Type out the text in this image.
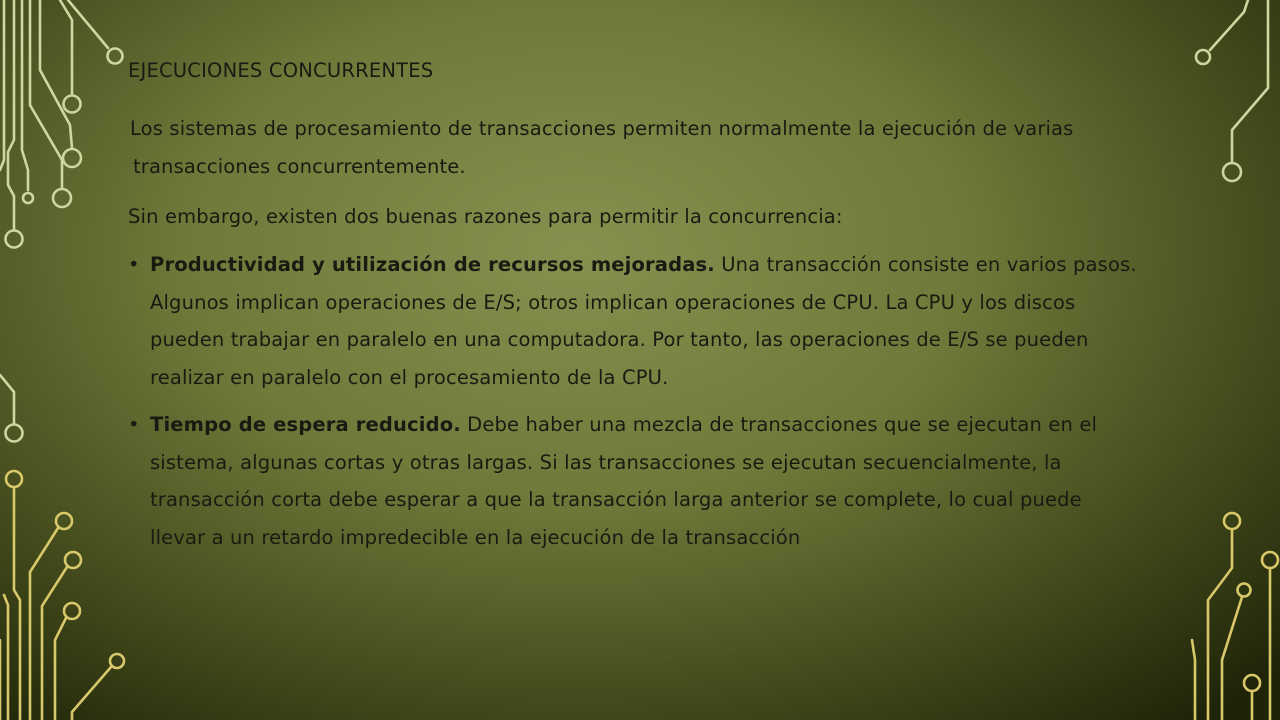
EJECUCIONES CONCURRENTES
Los sistemas de procesamiento de transacciones permiten normalmente la ejecución de varias transacciones concurrentemente.
Sin embargo, existen dos buenas razones para permitir la concurrencia:
• Productividad y utilización de recursos mejoradas. Una transacción consiste en varios pasos. Algunos implican operaciones de E/S; otros implican operaciones de CPU. La CPU y los discos pueden trabajar en paralelo en una computadora. Por tanto, las operaciones de E/S se pueden realizar en paralelo con el procesamiento de la CPU.
• Tiempo de espera reducido. Debe haber una mezcla de transacciones que se ejecutan en el sistema, algunas cortas y otras largas. Si las transacciones se ejecutan secuencialmente, la transacción corta debe esperar a que la transacción larga anterior se complete, lo cual puede llevar a un retardo impredecible en la ejecución de la transacción
